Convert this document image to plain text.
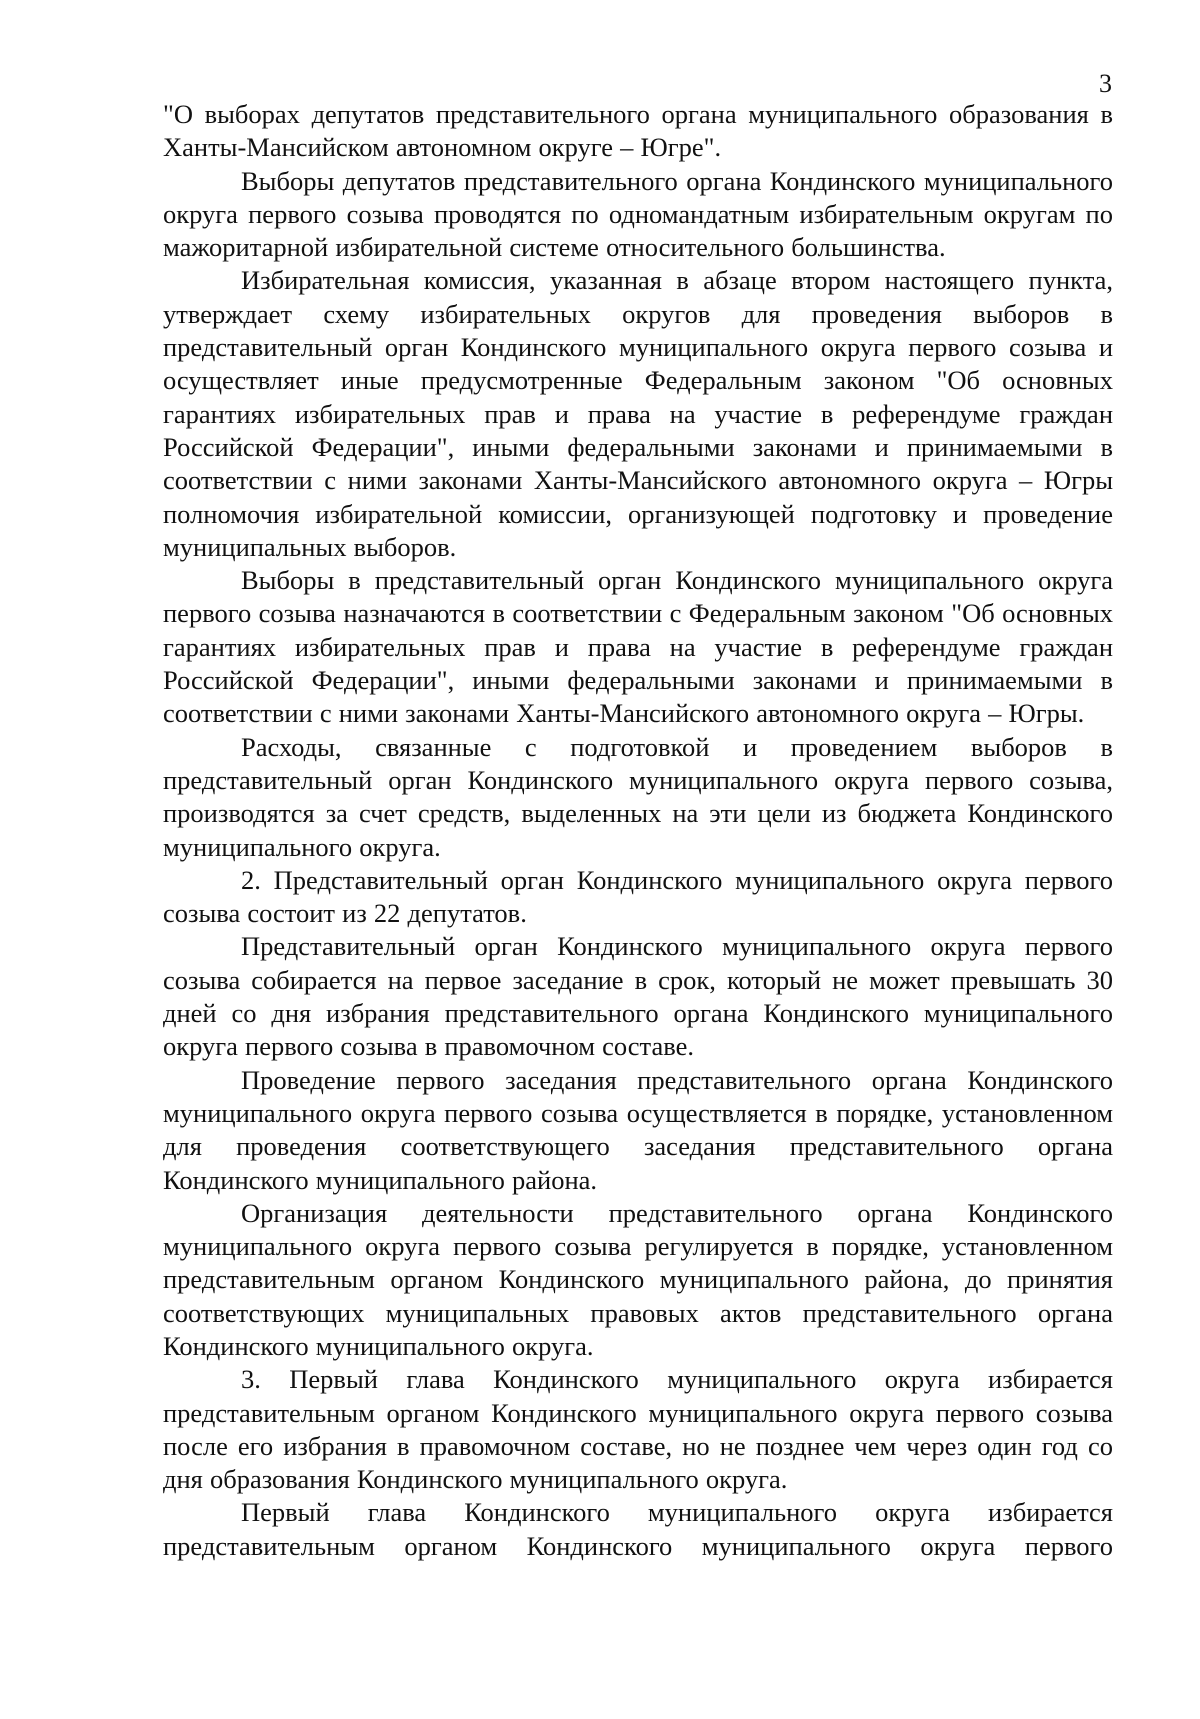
3

"О выборах депутатов представительного органа муниципального образования в Ханты-Мансийском автономном округе – Югре".

Выборы депутатов представительного органа Кондинского муниципального округа первого созыва проводятся по одномандатным избирательным округам по мажоритарной избирательной системе относительного большинства.

Избирательная комиссия, указанная в абзаце втором настоящего пункта, утверждает схему избирательных округов для проведения выборов в представительный орган Кондинского муниципального округа первого созыва и осуществляет иные предусмотренные Федеральным законом "Об основных гарантиях избирательных прав и права на участие в референдуме граждан Российской Федерации", иными федеральными законами и принимаемыми в соответствии с ними законами Ханты-Мансийского автономного округа – Югры полномочия избирательной комиссии, организующей подготовку и проведение муниципальных выборов.

Выборы в представительный орган Кондинского муниципального округа первого созыва назначаются в соответствии с Федеральным законом "Об основных гарантиях избирательных прав и права на участие в референдуме граждан Российской Федерации", иными федеральными законами и принимаемыми в соответствии с ними законами Ханты-Мансийского автономного округа – Югры.

Расходы, связанные с подготовкой и проведением выборов в представительный орган Кондинского муниципального округа первого созыва, производятся за счет средств, выделенных на эти цели из бюджета Кондинского муниципального округа.

2. Представительный орган Кондинского муниципального округа первого созыва состоит из 22 депутатов.

Представительный орган Кондинского муниципального округа первого созыва собирается на первое заседание в срок, который не может превышать 30 дней со дня избрания представительного органа Кондинского муниципального округа первого созыва в правомочном составе.

Проведение первого заседания представительного органа Кондинского муниципального округа первого созыва осуществляется в порядке, установленном для проведения соответствующего заседания представительного органа Кондинского муниципального района.

Организация деятельности представительного органа Кондинского муниципального округа первого созыва регулируется в порядке, установленном представительным органом Кондинского муниципального района, до принятия соответствующих муниципальных правовых актов представительного органа Кондинского муниципального округа.

3. Первый глава Кондинского муниципального округа избирается представительным органом Кондинского муниципального округа первого созыва после его избрания в правомочном составе, но не позднее чем через один год со дня образования Кондинского муниципального округа.

Первый глава Кондинского муниципального округа избирается представительным органом Кондинского муниципального округа первого
